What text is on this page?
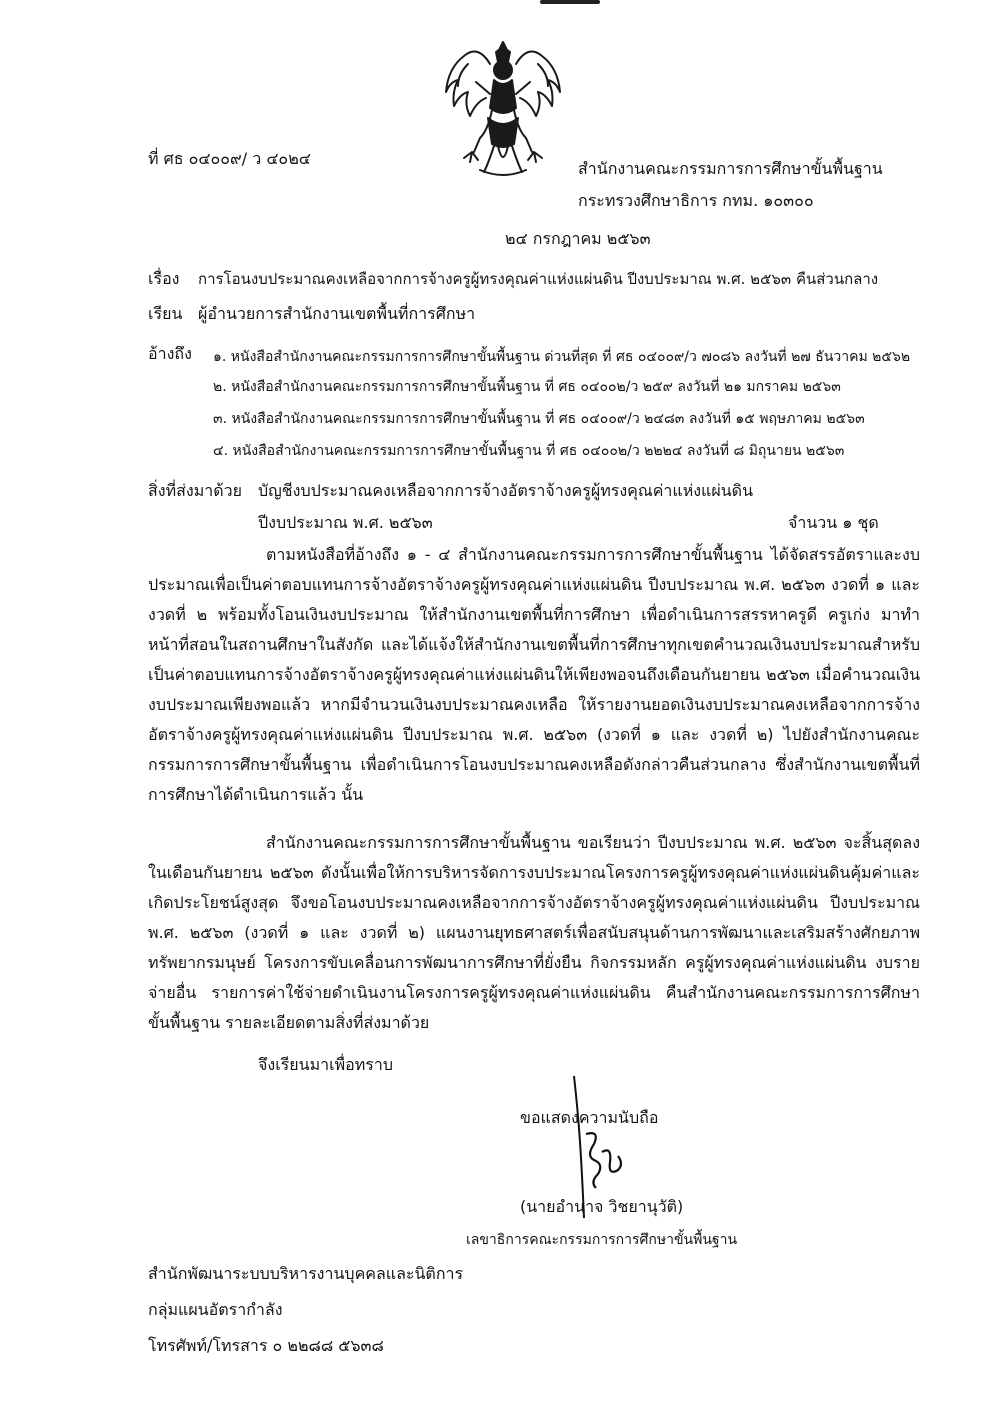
ที่ ศธ ๐๔๐๐๙/ ว ๔๐๒๔
สำนักงานคณะกรรมการการศึกษาขั้นพื้นฐาน
กระทรวงศึกษาธิการ กทม. ๑๐๓๐๐
๒๔ กรกฎาคม ๒๕๖๓
เรื่อง การโอนงบประมาณคงเหลือจากการจ้างครูผู้ทรงคุณค่าแห่งแผ่นดิน ปีงบประมาณ พ.ศ. ๒๕๖๓ คืนส่วนกลาง
เรียน ผู้อำนวยการสำนักงานเขตพื้นที่การศึกษา
อ้างถึง ๑. หนังสือสำนักงานคณะกรรมการการศึกษาขั้นพื้นฐาน ด่วนที่สุด ที่ ศธ ๐๔๐๐๙/ว ๗๐๘๖ ลงวันที่ ๒๗ ธันวาคม ๒๕๖๒
๒. หนังสือสำนักงานคณะกรรมการการศึกษาขั้นพื้นฐาน ที่ ศธ ๐๔๐๐๒/ว ๒๕๙ ลงวันที่ ๒๑ มกราคม ๒๕๖๓
๓. หนังสือสำนักงานคณะกรรมการการศึกษาขั้นพื้นฐาน ที่ ศธ ๐๔๐๐๙/ว ๒๔๘๓ ลงวันที่ ๑๕ พฤษภาคม ๒๕๖๓
๔. หนังสือสำนักงานคณะกรรมการการศึกษาขั้นพื้นฐาน ที่ ศธ ๐๔๐๐๒/ว ๒๒๒๔ ลงวันที่ ๘ มิถุนายน ๒๕๖๓
สิ่งที่ส่งมาด้วย บัญชีงบประมาณคงเหลือจากการจ้างอัตราจ้างครูผู้ทรงคุณค่าแห่งแผ่นดิน
ปีงบประมาณ พ.ศ. ๒๕๖๓	จำนวน ๑ ชุด
ตามหนังสือที่อ้างถึง ๑ - ๔ สำนักงานคณะกรรมการการศึกษาขั้นพื้นฐาน ได้จัดสรรอัตราและงบประมาณเพื่อเป็นค่าตอบแทนการจ้างอัตราจ้างครูผู้ทรงคุณค่าแห่งแผ่นดิน ปีงบประมาณ พ.ศ. ๒๕๖๓ งวดที่ ๑ และ งวดที่ ๒ พร้อมทั้งโอนเงินงบประมาณ ให้สำนักงานเขตพื้นที่การศึกษา เพื่อดำเนินการสรรหาครูดี ครูเก่ง มาทำหน้าที่สอนในสถานศึกษาในสังกัด และได้แจ้งให้สำนักงานเขตพื้นที่การศึกษาทุกเขตคำนวณเงินงบประมาณสำหรับเป็นค่าตอบแทนการจ้างอัตราจ้างครูผู้ทรงคุณค่าแห่งแผ่นดินให้เพียงพอจนถึงเดือนกันยายน ๒๕๖๓ เมื่อคำนวณเงินงบประมาณเพียงพอแล้ว หากมีจำนวนเงินงบประมาณคงเหลือ ให้รายงานยอดเงินงบประมาณคงเหลือจากการจ้างอัตราจ้างครูผู้ทรงคุณค่าแห่งแผ่นดิน ปีงบประมาณ พ.ศ. ๒๕๖๓ (งวดที่ ๑ และ งวดที่ ๒) ไปยังสำนักงานคณะกรรมการการศึกษาขั้นพื้นฐาน เพื่อดำเนินการโอนงบประมาณคงเหลือดังกล่าวคืนส่วนกลาง ซึ่งสำนักงานเขตพื้นที่การศึกษาได้ดำเนินการแล้ว นั้น
สำนักงานคณะกรรมการการศึกษาขั้นพื้นฐาน ขอเรียนว่า ปีงบประมาณ พ.ศ. ๒๕๖๓ จะสิ้นสุดลงในเดือนกันยายน ๒๕๖๓ ดังนั้นเพื่อให้การบริหารจัดการงบประมาณโครงการครูผู้ทรงคุณค่าแห่งแผ่นดินคุ้มค่าและเกิดประโยชน์สูงสุด จึงขอโอนงบประมาณคงเหลือจากการจ้างอัตราจ้างครูผู้ทรงคุณค่าแห่งแผ่นดิน ปีงบประมาณ พ.ศ. ๒๕๖๓ (งวดที่ ๑ และ งวดที่ ๒) แผนงานยุทธศาสตร์เพื่อสนับสนุนด้านการพัฒนาและเสริมสร้างศักยภาพทรัพยากรมนุษย์ โครงการขับเคลื่อนการพัฒนาการศึกษาที่ยั่งยืน กิจกรรมหลัก ครูผู้ทรงคุณค่าแห่งแผ่นดิน งบรายจ่ายอื่น รายการค่าใช้จ่ายดำเนินงานโครงการครูผู้ทรงคุณค่าแห่งแผ่นดิน คืนสำนักงานคณะกรรมการการศึกษาขั้นพื้นฐาน รายละเอียดตามสิ่งที่ส่งมาด้วย
จึงเรียนมาเพื่อทราบ
ขอแสดงความนับถือ
(นายอำนาจ วิชยานุวัติ)
เลขาธิการคณะกรรมการการศึกษาขั้นพื้นฐาน
สำนักพัฒนาระบบบริหารงานบุคคลและนิติการ
กลุ่มแผนอัตรากำลัง
โทรศัพท์/โทรสาร ๐ ๒๒๘๘ ๕๖๓๘
